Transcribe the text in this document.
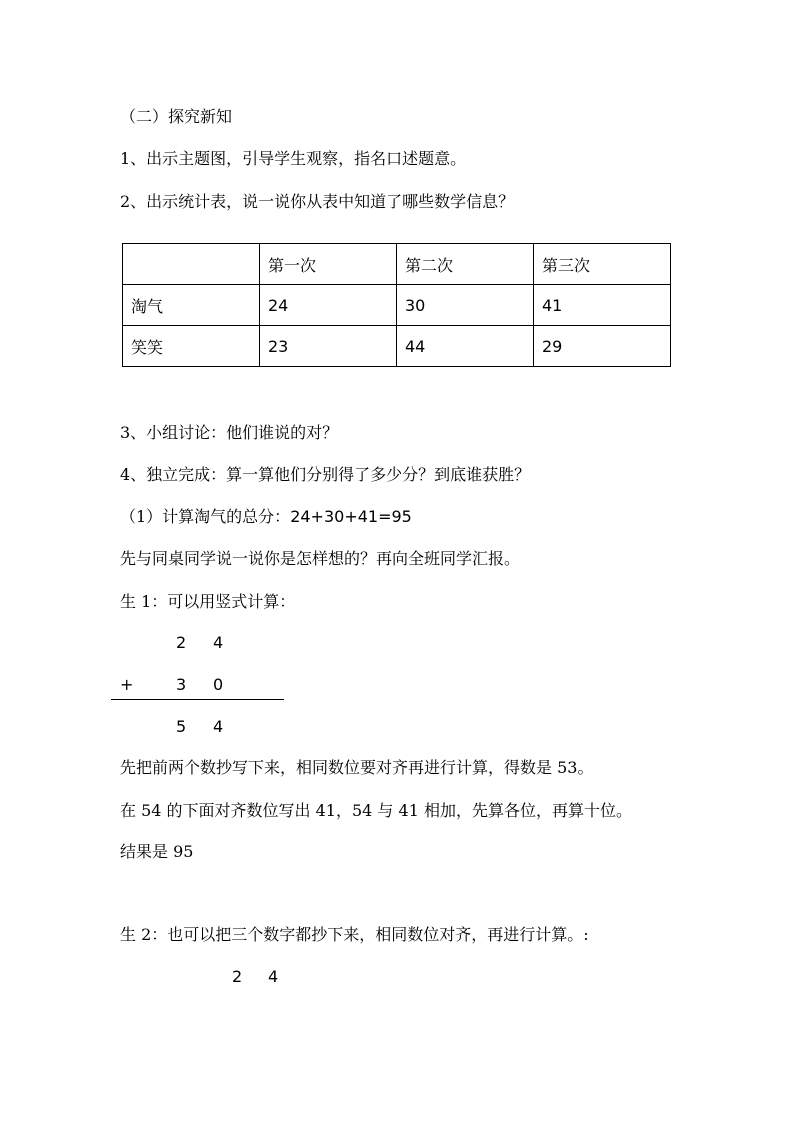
（二）探究新知
1、出示主题图，引导学生观察，指名口述题意。
2、出示统计表，说一说你从表中知道了哪些数学信息？
	第一次	第二次	第三次
淘气	24	30	41
笑笑	23	44	29
3、小组讨论：他们谁说的对？
4、独立完成：算一算他们分别得了多少分？到底谁获胜？
（1）计算淘气的总分：24+30+41=95
先与同桌同学说一说你是怎样想的？再向全班同学汇报。
生 1：可以用竖式计算：
2 4
+	3 0
5 4
先把前两个数抄写下来，相同数位要对齐再进行计算，得数是 53。
在 54 的下面对齐数位写出 41，54 与 41 相加，先算各位，再算十位。
结果是 95
生 2：也可以把三个数字都抄下来，相同数位对齐，再进行计算。:
2 4
